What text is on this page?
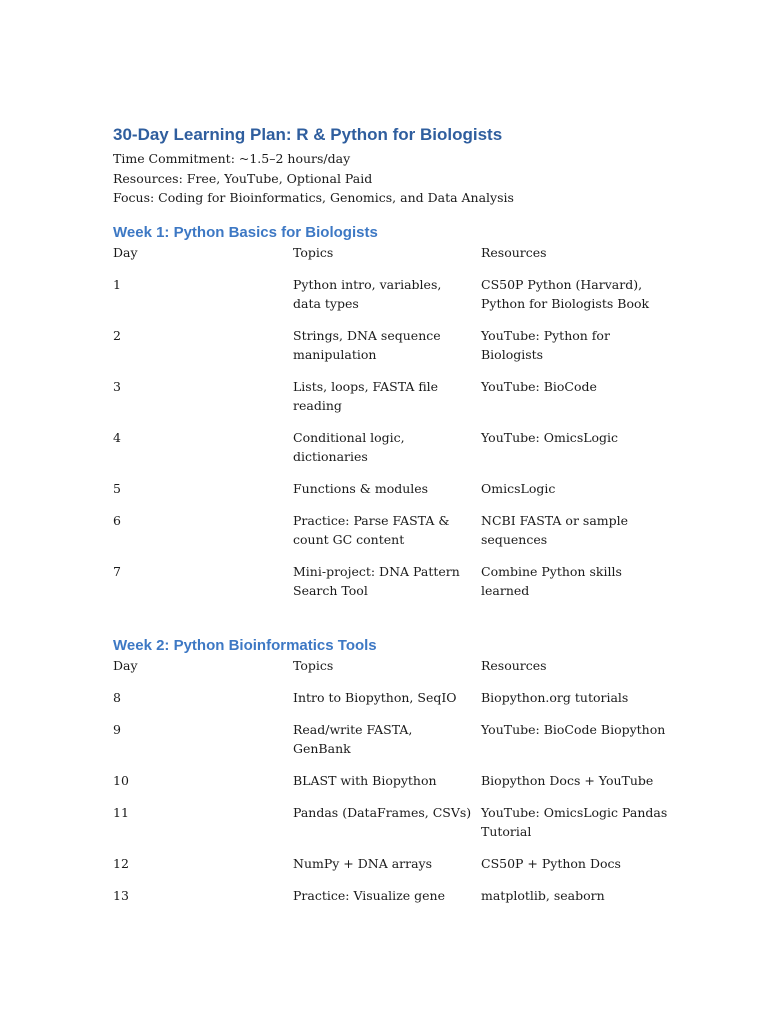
30-Day Learning Plan: R & Python for Biologists

Time Commitment: ~1.5–2 hours/day

Resources: Free, YouTube, Optional Paid

Focus: Coding for Bioinformatics, Genomics, and Data Analysis

Week 1: Python Basics for Biologists
Day	Topics	Resources
1	Python intro, variables, data types	CS50P Python (Harvard), Python for Biologists Book
2	Strings, DNA sequence manipulation	YouTube: Python for Biologists
3	Lists, loops, FASTA file reading	YouTube: BioCode
4	Conditional logic, dictionaries	YouTube: OmicsLogic
5	Functions & modules	OmicsLogic
6	Practice: Parse FASTA & count GC content	NCBI FASTA or sample sequences
7	Mini-project: DNA Pattern Search Tool	Combine Python skills learned
Week 2: Python Bioinformatics Tools
Day	Topics	Resources
8	Intro to Biopython, SeqIO	Biopython.org tutorials
9	Read/write FASTA, GenBank	YouTube: BioCode Biopython
10	BLAST with Biopython	Biopython Docs + YouTube
11	Pandas (DataFrames, CSVs)	YouTube: OmicsLogic Pandas Tutorial
12	NumPy + DNA arrays	CS50P + Python Docs
13	Practice: Visualize gene	matplotlib, seaborn
